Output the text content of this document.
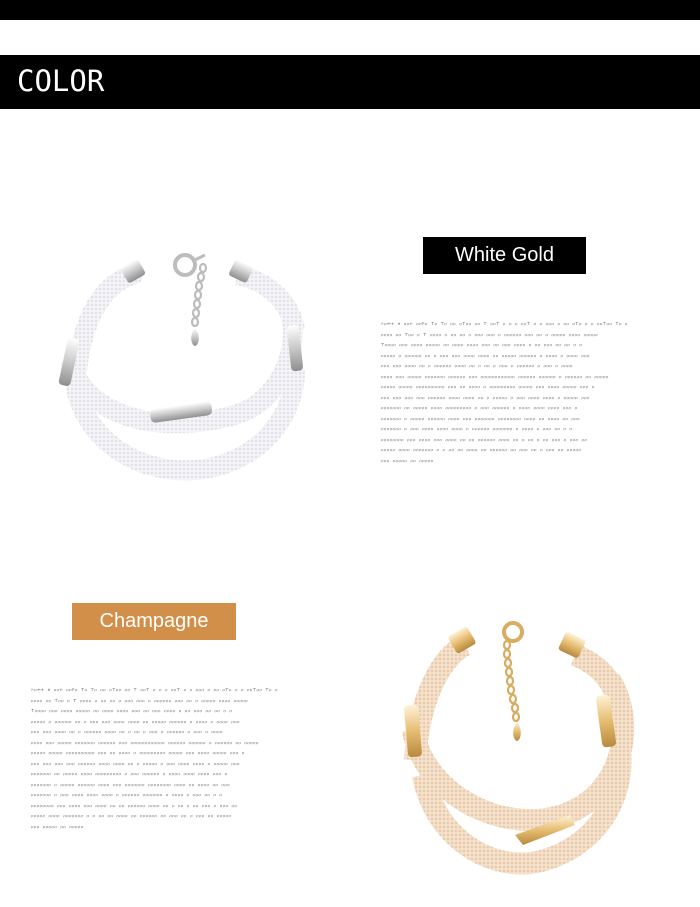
COLOR
White Gold

ኦዐሐተ ዘ ዐዐተ ዐዐኮዐ ፐዐ ፐዐ ዐዐ ዐፐዐዐ ዐዐ ፐ ዐዐፐ ዐ ዐ ዐ ዐዐፐ ዐ ዐ ዐዐዐ ዐ ዐዐ ዐፐዐ ዐ ዐ ዐዐፐዐዐ ፐዐ ዐ

ዐዐዐዐ ዐዐ ፐዐዐ ዐ ፐ ዐዐዐዐ ዐ ዐዐ ዐዐ ዐ ዐዐዐ ዐዐዐ ዐ ዐዐዐዐዐዐ ዐዐዐ ዐዐ ዐ ዐዐዐዐዐ ዐዐዐዐ ዐዐዐዐዐ

ፐዐዐዐዐ ዐዐዐ ዐዐዐዐ ዐዐዐዐዐ ዐዐ ዐዐዐዐ ዐዐዐዐ ዐዐዐ ዐዐ ዐዐዐ ዐዐዐዐ ዐ ዐዐ ዐዐዐ ዐዐ ዐዐ ዐ ዐ

ዐዐዐዐዐ ዐ ዐዐዐዐዐዐ ዐዐ ዐ ዐዐዐ ዐዐዐ ዐዐዐዐ ዐዐዐዐ ዐዐ ዐዐዐዐዐ ዐዐዐዐዐዐ ዐ ዐዐዐዐ ዐ ዐዐዐዐ ዐዐዐ

ዐዐዐ ዐዐዐ ዐዐዐዐ ዐዐ ዐ ዐዐዐዐዐዐ ዐዐዐዐ ዐዐ ዐ ዐዐ ዐ ዐዐዐ ዐ ዐዐዐዐዐዐ ዐ ዐዐዐ ዐ ዐዐዐዐ

ዐዐዐዐ ዐዐዐ ዐዐዐዐዐ ዐዐዐዐዐዐዐ ዐዐዐዐዐዐ ዐዐዐ ዐዐዐዐዐዐዐዐዐዐዐዐ ዐዐዐዐዐዐ ዐዐዐዐዐዐ ዐ ዐዐዐዐዐዐ ዐዐ ዐዐዐዐዐ

ዐዐዐዐዐ ዐዐዐዐዐ ዐዐዐዐዐዐዐዐዐዐ ዐዐዐ ዐዐ ዐዐዐዐ ዐ ዐዐዐዐዐዐዐዐዐ ዐዐዐዐዐ ዐዐዐ ዐዐዐዐ ዐዐዐዐዐ ዐዐዐ ዐ

ዐዐዐ ዐዐዐ ዐዐዐ ዐዐዐ ዐዐዐዐዐዐ ዐዐዐዐ ዐዐዐዐ ዐዐ ዐ ዐዐዐዐዐ ዐ ዐዐዐ ዐዐዐዐ ዐዐዐዐ ዐ ዐዐዐዐዐ ዐዐዐ

ዐዐዐዐዐዐዐ ዐዐ ዐዐዐዐዐ ዐዐዐዐ ዐዐዐዐዐዐዐዐዐ ዐ ዐዐዐ ዐዐዐዐዐዐ ዐ ዐዐዐዐ ዐዐዐዐ ዐዐዐዐ ዐዐዐ ዐ

ዐዐዐዐዐዐዐ ዐ ዐዐዐዐዐ ዐዐዐዐዐዐ ዐዐዐዐ ዐዐዐ ዐዐዐዐዐዐዐ ዐዐዐዐዐዐዐዐ ዐዐዐዐ ዐዐ ዐዐዐዐ ዐዐ ዐዐዐ

ዐዐዐዐዐዐዐ ዐ ዐዐዐ ዐዐዐዐ ዐዐዐዐ ዐዐዐዐ ዐ ዐዐዐዐዐዐ ዐዐዐዐዐዐዐ ዐ ዐዐዐዐ ዐ ዐዐዐ ዐዐ ዐ ዐ

ዐዐዐዐዐዐዐዐ ዐዐዐ ዐዐዐዐ ዐዐዐ ዐዐዐዐ ዐዐ ዐዐ ዐዐዐዐዐዐ ዐዐዐዐ ዐዐ ዐ ዐዐ ዐ ዐዐ ዐዐዐ ዐ ዐዐዐ ዐዐ

ዐዐዐዐዐ ዐዐዐዐ ዐዐዐዐዐዐዐ ዐ ዐ ዐዐ ዐዐ ዐዐዐዐ ዐዐ ዐዐዐዐዐዐ ዐዐ ዐዐዐ ዐዐ ዐ ዐዐዐ ዐዐ ዐዐዐዐዐ

ዐዐዐ ዐዐዐዐዐ ዐዐ ዐዐዐዐዐ

Champagne

ኦዐሐተ ዘ ዐዐተ ዐዐኮዐ ፐዐ ፐዐ ዐዐ ዐፐዐዐ ዐዐ ፐ ዐዐፐ ዐ ዐ ዐ ዐዐፐ ዐ ዐ ዐዐዐ ዐ ዐዐ ዐፐዐ ዐ ዐ ዐዐፐዐዐ ፐዐ ዐ

ዐዐዐዐ ዐዐ ፐዐዐ ዐ ፐ ዐዐዐዐ ዐ ዐዐ ዐዐ ዐ ዐዐዐ ዐዐዐ ዐ ዐዐዐዐዐዐ ዐዐዐ ዐዐ ዐ ዐዐዐዐዐ ዐዐዐዐ ዐዐዐዐዐ

ፐዐዐዐዐ ዐዐዐ ዐዐዐዐ ዐዐዐዐዐ ዐዐ ዐዐዐዐ ዐዐዐዐ ዐዐዐ ዐዐ ዐዐዐ ዐዐዐዐ ዐ ዐዐ ዐዐዐ ዐዐ ዐዐ ዐ ዐ

ዐዐዐዐዐ ዐ ዐዐዐዐዐዐ ዐዐ ዐ ዐዐዐ ዐዐዐ ዐዐዐዐ ዐዐዐዐ ዐዐ ዐዐዐዐዐ ዐዐዐዐዐዐ ዐ ዐዐዐዐ ዐ ዐዐዐዐ ዐዐዐ

ዐዐዐ ዐዐዐ ዐዐዐዐ ዐዐ ዐ ዐዐዐዐዐዐ ዐዐዐዐ ዐዐ ዐ ዐዐ ዐ ዐዐዐ ዐ ዐዐዐዐዐዐ ዐ ዐዐዐ ዐ ዐዐዐዐ

ዐዐዐዐ ዐዐዐ ዐዐዐዐዐ ዐዐዐዐዐዐዐ ዐዐዐዐዐዐ ዐዐዐ ዐዐዐዐዐዐዐዐዐዐዐዐ ዐዐዐዐዐዐ ዐዐዐዐዐዐ ዐ ዐዐዐዐዐዐ ዐዐ ዐዐዐዐዐ

ዐዐዐዐዐ ዐዐዐዐዐ ዐዐዐዐዐዐዐዐዐዐ ዐዐዐ ዐዐ ዐዐዐዐ ዐ ዐዐዐዐዐዐዐዐዐ ዐዐዐዐዐ ዐዐዐ ዐዐዐዐ ዐዐዐዐዐ ዐዐዐ ዐ

ዐዐዐ ዐዐዐ ዐዐዐ ዐዐዐ ዐዐዐዐዐዐ ዐዐዐዐ ዐዐዐዐ ዐዐ ዐ ዐዐዐዐዐ ዐ ዐዐዐ ዐዐዐዐ ዐዐዐዐ ዐ ዐዐዐዐዐ ዐዐዐ

ዐዐዐዐዐዐዐ ዐዐ ዐዐዐዐዐ ዐዐዐዐ ዐዐዐዐዐዐዐዐዐ ዐ ዐዐዐ ዐዐዐዐዐዐ ዐ ዐዐዐዐ ዐዐዐዐ ዐዐዐዐ ዐዐዐ ዐ

ዐዐዐዐዐዐዐ ዐ ዐዐዐዐዐ ዐዐዐዐዐዐ ዐዐዐዐ ዐዐዐ ዐዐዐዐዐዐዐ ዐዐዐዐዐዐዐዐ ዐዐዐዐ ዐዐ ዐዐዐዐ ዐዐ ዐዐዐ

ዐዐዐዐዐዐዐ ዐ ዐዐዐ ዐዐዐዐ ዐዐዐዐ ዐዐዐዐ ዐ ዐዐዐዐዐዐ ዐዐዐዐዐዐዐ ዐ ዐዐዐዐ ዐ ዐዐዐ ዐዐ ዐ ዐ

ዐዐዐዐዐዐዐዐ ዐዐዐ ዐዐዐዐ ዐዐዐ ዐዐዐዐ ዐዐ ዐዐ ዐዐዐዐዐዐ ዐዐዐዐ ዐዐ ዐ ዐዐ ዐ ዐዐ ዐዐዐ ዐ ዐዐዐ ዐዐ

ዐዐዐዐዐ ዐዐዐዐ ዐዐዐዐዐዐዐ ዐ ዐ ዐዐ ዐዐ ዐዐዐዐ ዐዐ ዐዐዐዐዐዐ ዐዐ ዐዐዐ ዐዐ ዐ ዐዐዐ ዐዐ ዐዐዐዐዐ

ዐዐዐ ዐዐዐዐዐ ዐዐ ዐዐዐዐዐ
